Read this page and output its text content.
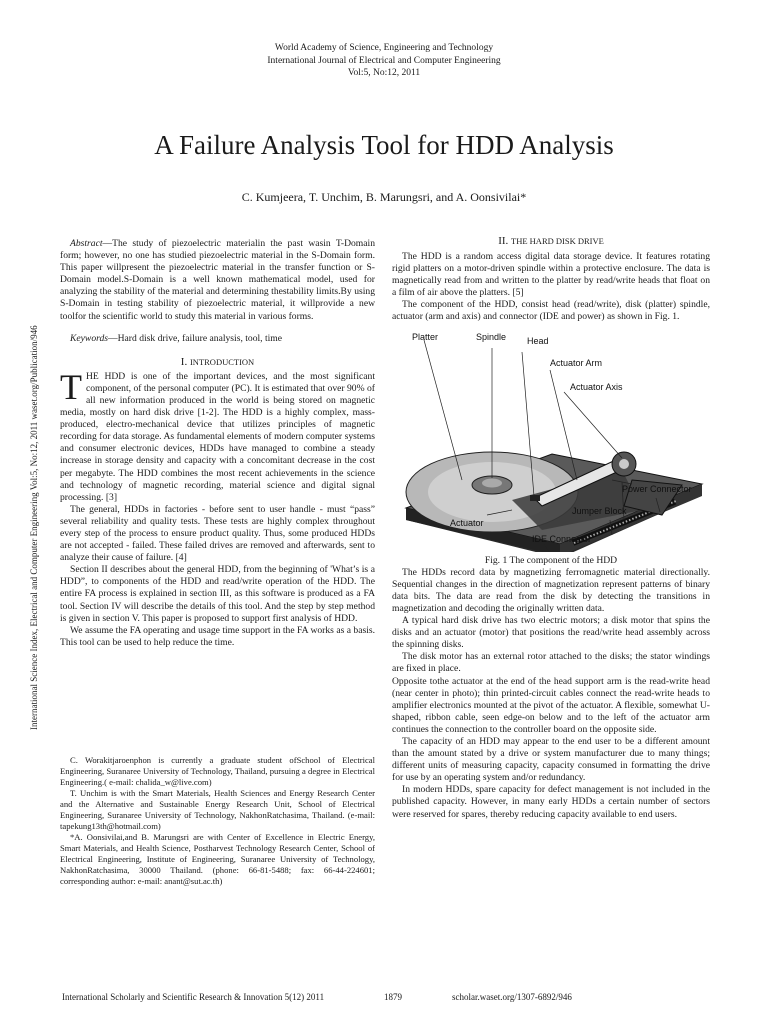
World Academy of Science, Engineering and Technology
International Journal of Electrical and Computer Engineering
Vol:5, No:12, 2011
A Failure Analysis Tool for HDD Analysis
C. Kumjeera, T. Unchim, B. Marungsri, and A. Oonsivilai*
International Science Index, Electrical and Computer Engineering Vol:5, No:12, 2011 waset.org/Publication/946

Abstract—The study of piezoelectric materialin the past wasin T-Domain form; however, no one has studied piezoelectric material in the S-Domain form. This paper willpresent the piezoelectric material in the transfer function or S-Domain model.S-Domain is a well known mathematical model, used for analyzing the stability of the material and determining thestability limits.By using S-Domain in testing stability of piezoelectric material, it willprovide a new toolfor the scientific world to study this material in various forms.

Keywords—Hard disk drive, failure analysis, tool, time

I. INTRODUCTION

THE HDD is one of the important devices, and the most significant component, of the personal computer (PC). It is estimated that over 90% of all new information produced in the world is being stored on magnetic media, mostly on hard disk drive [1-2]. The HDD is a highly complex, mass-produced, electro-mechanical device that utilizes principles of magnetic recording for data storage. As fundamental elements of modern computer systems and consumer electronic devices, HDDs have managed to combine a steady increase in storage density and capacity with a concomitant decrease in the cost per megabyte. The HDD combines the most recent achievements in the science and technology of magnetic recording, material science and digital signal processing. [3]

The general, HDDs in factories - before sent to user handle - must “pass” several reliability and quality tests. These tests are highly complex throughout every step of the process to ensure product quality. Thus, some produced HDDs are not accepted - failed. These failed drives are removed and afterwards, sent to analyze their cause of failure. [4]

Section II describes about the general HDD, from the beginning of 'What’s is a HDD”, to components of the HDD and read/write operation of the HDD. The entire FA process is explained in section III, as this software is produced as a FA tool. Section IV will describe the details of this tool. And the step by step method is given in section V. This paper is proposed to support first analysis of HDD.

We assume the FA operating and usage time support in the FA works as a basis. This tool can be used to help reduce the time.

C. Worakitjaroenphon is currently a graduate student ofSchool of Electrical Engineering, Suranaree University of Technology, Thailand, pursuing a degree in Electrical Engineering.( e-mail: chalida_w@live.com)

T. Unchim is with the Smart Materials, Health Sciences and Energy Research Center and the Alternative and Sustainable Energy Research Unit, School of Electrical Engineering, Suranaree University of Technology, NakhonRatchasima, Thailand. (e-mail: tapekung13th@hotmail.com)

*A. Oonsivilai,and B. Marungsri are with Center of Excellence in Electric Energy, Smart Materials, and Health Science, Postharvest Technology Research Center, School of Electrical Engineering, Institute of Engineering, Suranaree University of Technology, NakhonRatchasima, 30000 Thailand. (phone: 66-81-5488; fax: 66-44-224601; corresponding author: e-mail: anant@sut.ac.th)

II. THE HARD DISK DRIVE

The HDD is a random access digital data storage device. It features rotating rigid platters on a motor-driven spindle within a protective enclosure. The data is magnetically read from and written to the platter by read/write heads that float on a film of air above the platters. [5]

The component of the HDD, consist head (read/write), disk (platter) spindle, actuator (arm and axis) and connector (IDE and power) as shown in Fig. 1.

Platter	Spindle Head
Actuator Arm
Actuator Axis
Power Connector
Jumper Block
Actuator
IDE Connector
Fig. 1 The component of the HDD

The HDDs record data by magnetizing ferromagnetic material directionally. Sequential changes in the direction of magnetization represent patterns of binary data bits. The data are read from the disk by detecting the transitions in magnetization and decoding the originally written data.

A typical hard disk drive has two electric motors; a disk motor that spins the disks and an actuator (motor) that positions the read/write head assembly across the spinning disks.

The disk motor has an external rotor attached to the disks; the stator windings are fixed in place.

Opposite tothe actuator at the end of the head support arm is the read-write head (near center in photo); thin printed-circuit cables connect the read-write heads to amplifier electronics mounted at the pivot of the actuator. A flexible, somewhat U-shaped, ribbon cable, seen edge-on below and to the left of the actuator arm continues the connection to the controller board on the opposite side.

The capacity of an HDD may appear to the end user to be a different amount than the amount stated by a drive or system manufacturer due to many things; different units of measuring capacity, capacity consumed in formatting the drive for use by an operating system and/or redundancy.

In modern HDDs, spare capacity for defect management is not included in the published capacity. However, in many early HDDs a certain number of sectors were reserved for spares, thereby reducing capacity available to end users.

International Scholarly and Scientific Research & Innovation 5(12) 2011	1879	scholar.waset.org/1307-6892/946
